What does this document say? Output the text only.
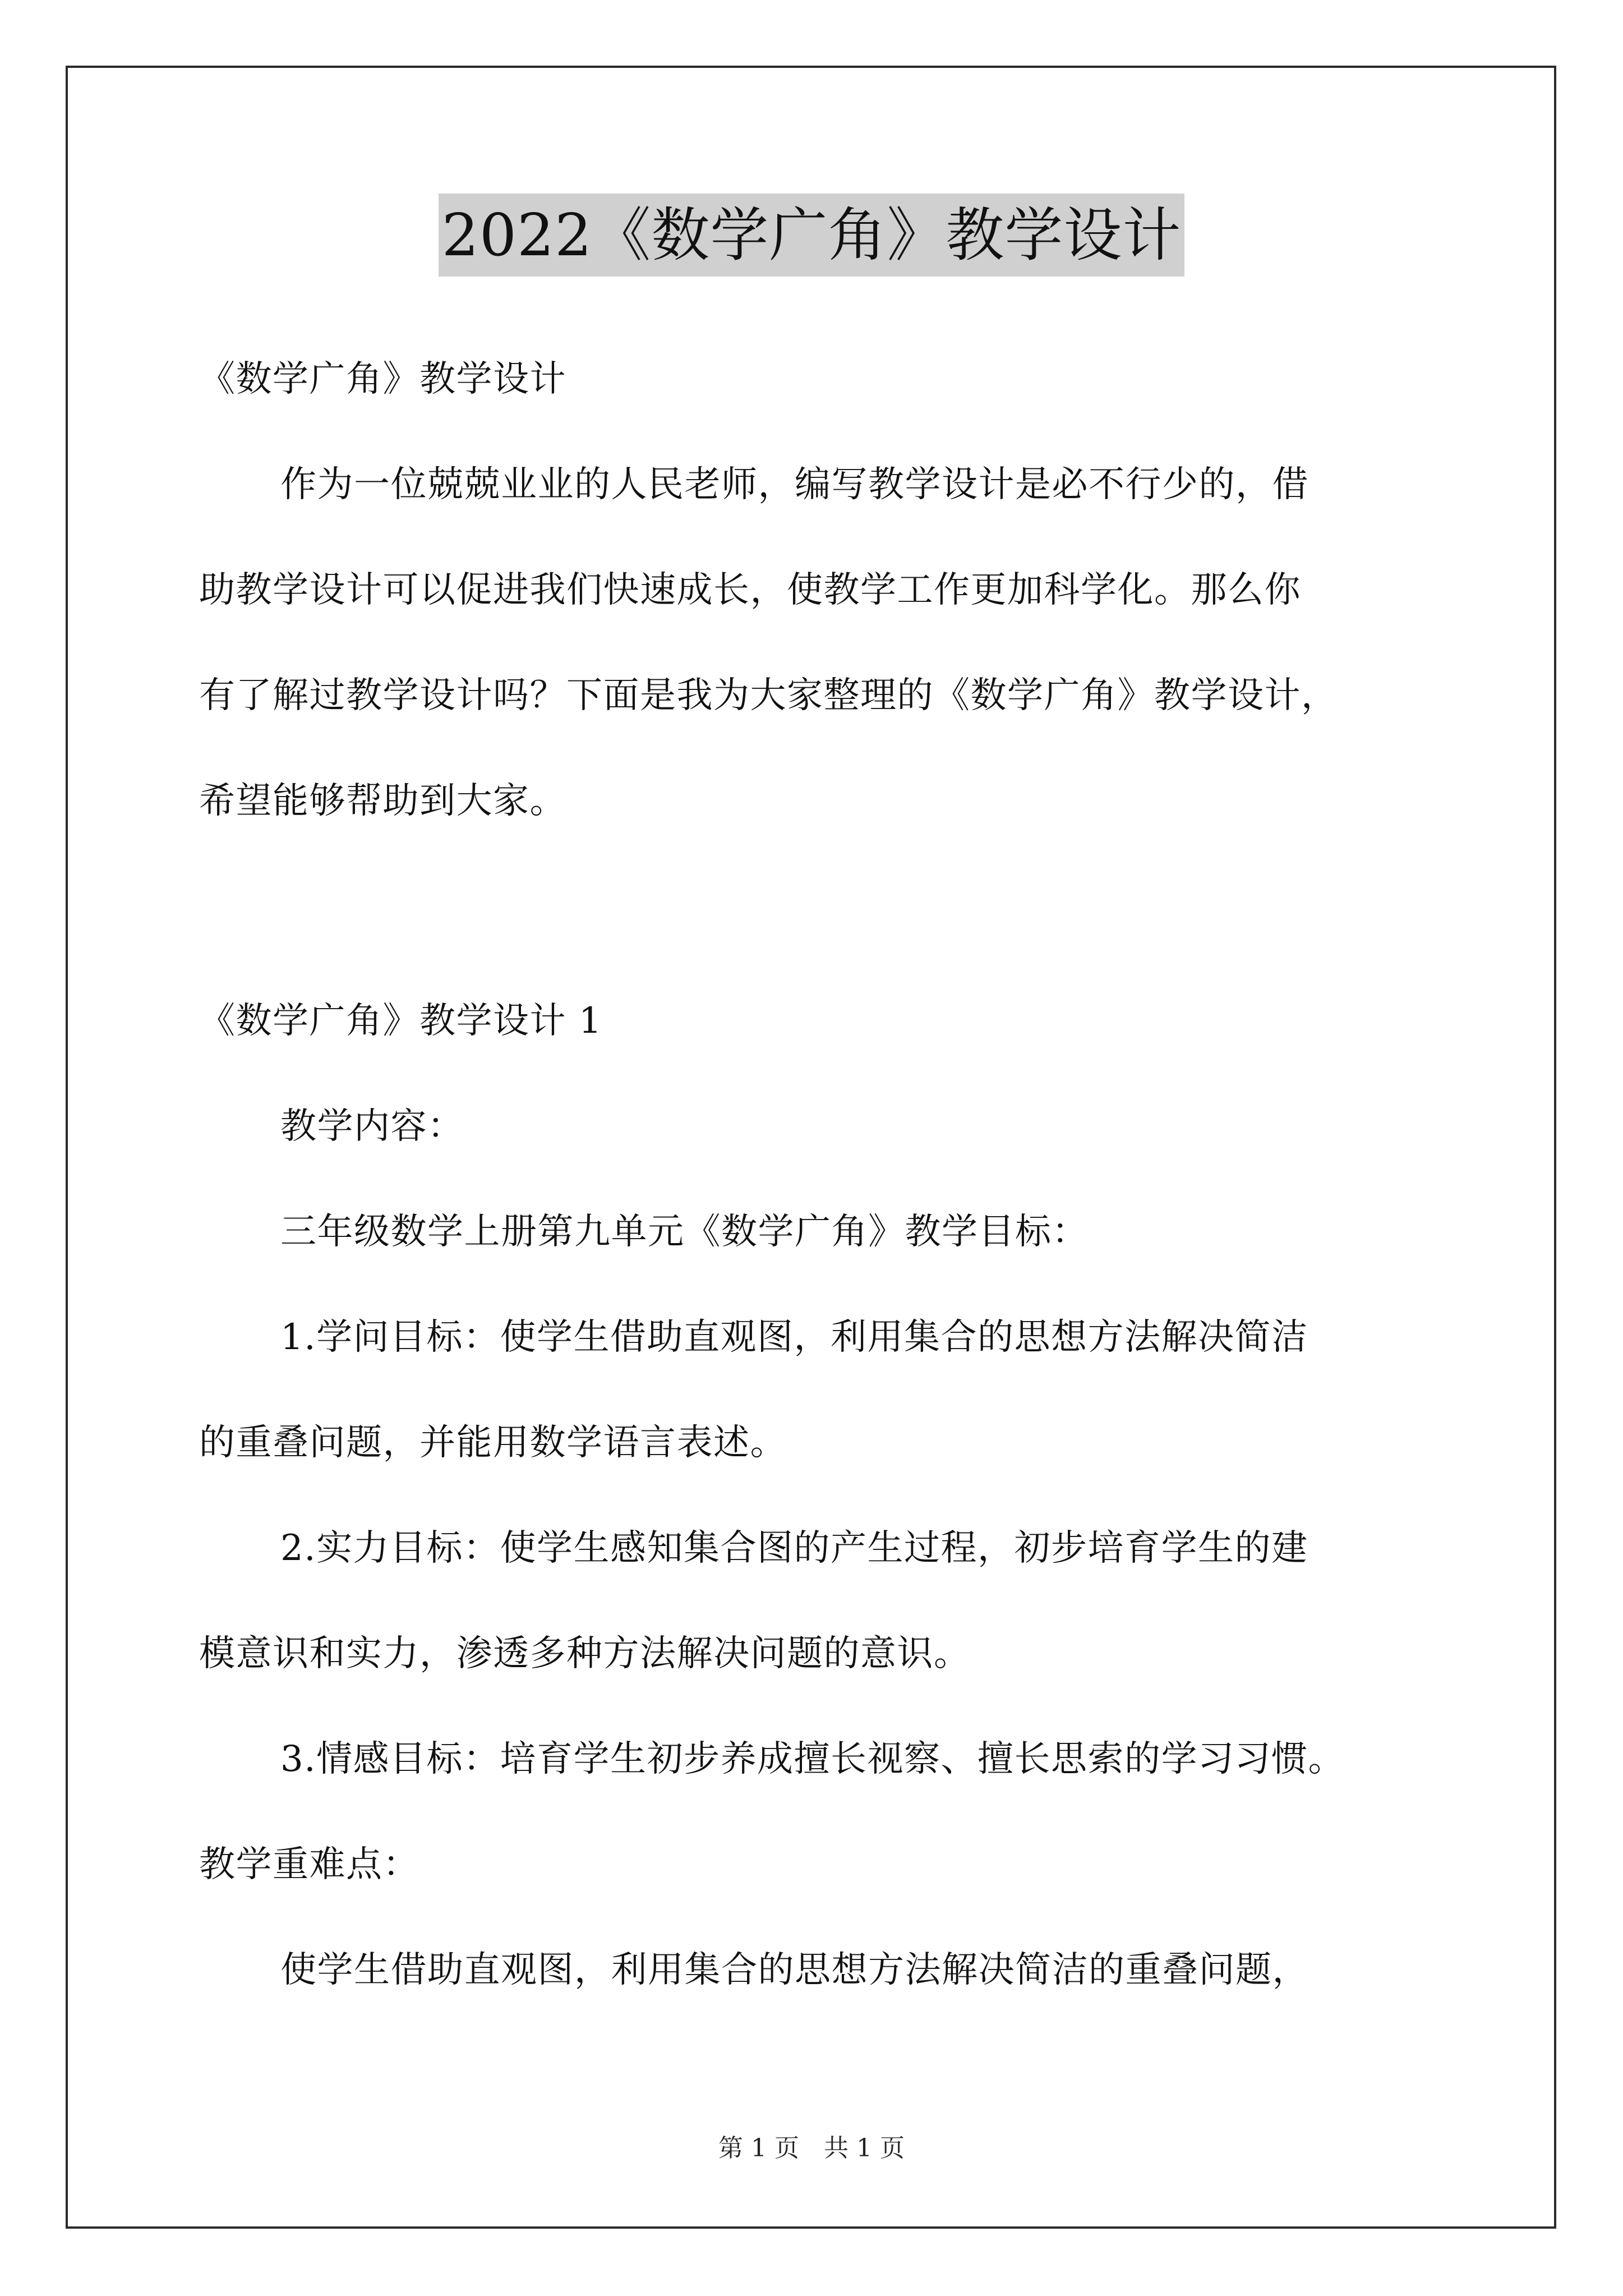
2022《数学广角》教学设计
《数学广角》教学设计
作为一位兢兢业业的人民老师，编写教学设计是必不行少的，借
助教学设计可以促进我们快速成长，使教学工作更加科学化。那么你
有了解过教学设计吗？下面是我为大家整理的《数学广角》教学设计，
希望能够帮助到大家。
《数学广角》教学设计 1
教学内容：
三年级数学上册第九单元《数学广角》教学目标：
1.学问目标：使学生借助直观图，利用集合的思想方法解决简洁
的重叠问题，并能用数学语言表述。
2.实力目标：使学生感知集合图的产生过程，初步培育学生的建
模意识和实力，渗透多种方法解决问题的意识。
3.情感目标：培育学生初步养成擅长视察、擅长思索的学习习惯。
教学重难点：
使学生借助直观图，利用集合的思想方法解决简洁的重叠问题，
第 1 页　共 1 页
